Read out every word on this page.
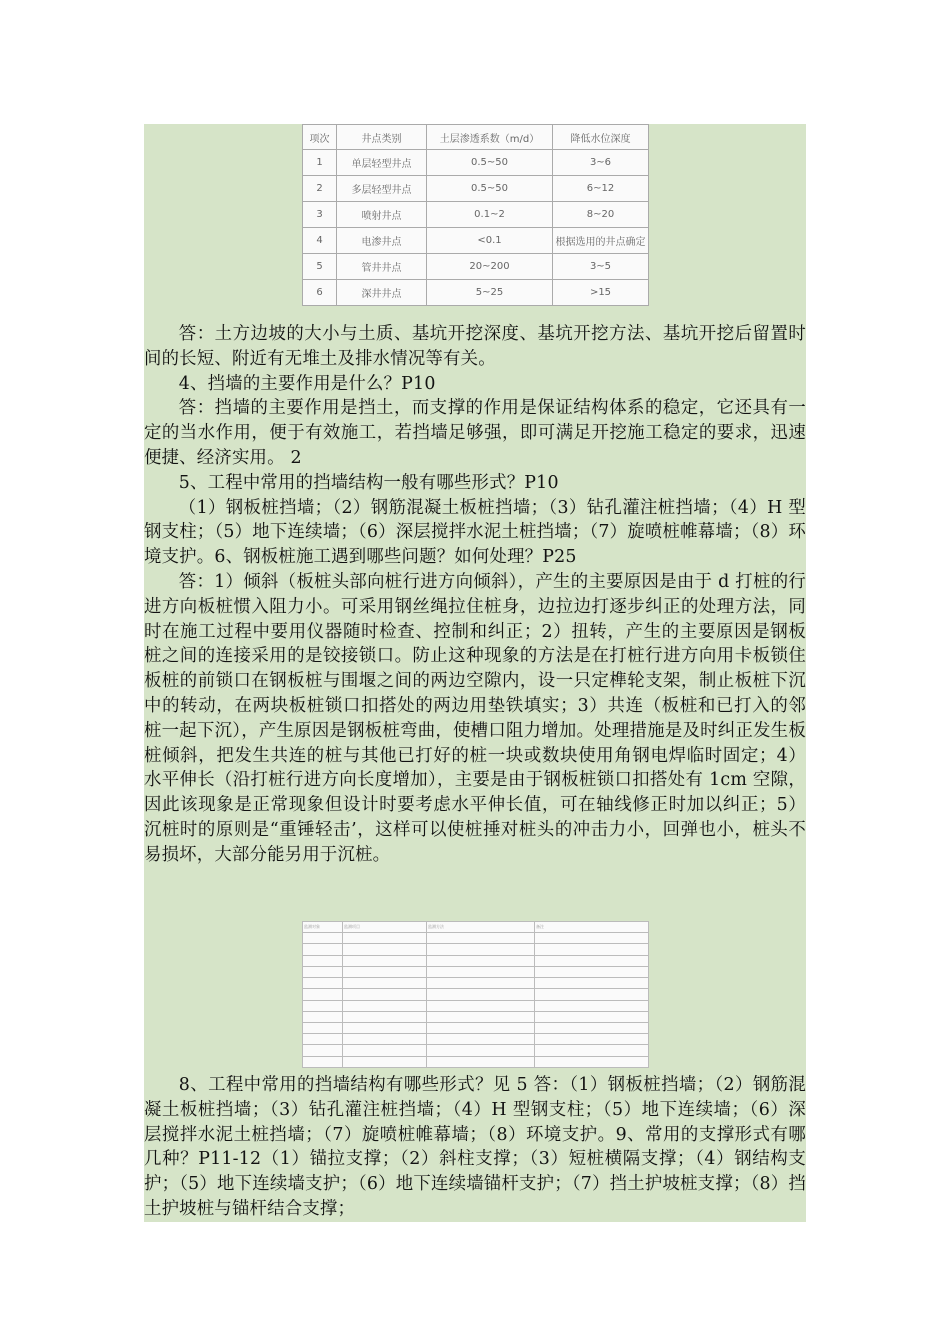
项次	井点类别	土层渗透系数（m/d）	降低水位深度
1	单层轻型井点	0.5~50	3~6
2	多层轻型井点	0.5~50	6~12
3	喷射井点	0.1~2	8~20
4	电渗井点	<0.1	根据选用的井点确定
5	管井井点	20~200	3~5
6	深井井点	5~25	>15

答：土方边坡的大小与土质、基坑开挖深度、基坑开挖方法、基坑开挖后留置时间的长短、附近有无堆土及排水情况等有关。

4、挡墙的主要作用是什么？P10

答：挡墙的主要作用是挡土，而支撑的作用是保证结构体系的稳定，它还具有一定的当水作用，便于有效施工，若挡墙足够强，即可满足开挖施工稳定的要求，迅速便捷、经济实用。 2

5、工程中常用的挡墙结构一般有哪些形式？P10

（1）钢板桩挡墙；（2）钢筋混凝土板桩挡墙；（3）钻孔灌注桩挡墙；（4）H 型钢支柱；（5）地下连续墙；（6）深层搅拌水泥土桩挡墙；（7）旋喷桩帷幕墙；（8）环境支护。6、钢板桩施工遇到哪些问题？如何处理？P25

答：1）倾斜（板桩头部向桩行进方向倾斜），产生的主要原因是由于 d 打桩的行进方向板桩惯入阻力小。可采用钢丝绳拉住桩身，边拉边打逐步纠正的处理方法，同时在施工过程中要用仪器随时检查、控制和纠正；2）扭转，产生的主要原因是钢板桩之间的连接采用的是铰接锁口。防止这种现象的方法是在打桩行进方向用卡板锁住板桩的前锁口在钢板桩与围堰之间的两边空隙内，设一只定榫轮支架，制止板桩下沉中的转动，在两块板桩锁口扣搭处的两边用垫铁填实；3）共连（板桩和已打入的邻桩一起下沉），产生原因是钢板桩弯曲，使槽口阻力增加。处理措施是及时纠正发生板桩倾斜，把发生共连的桩与其他已打好的桩一块或数块使用角钢电焊临时固定；4）水平伸长（沿打桩行进方向长度增加），主要是由于钢板桩锁口扣搭处有 1cm 空隙，因此该现象是正常现象但设计时要考虑水平伸长值，可在轴线修正时加以纠正；5）沉桩时的原则是“重锤轻击’，这样可以使桩捶对桩头的冲击力小，回弹也小，桩头不易损坏，大部分能另用于沉桩。

监测对象	监测项目	监测方法	备注

8、工程中常用的挡墙结构有哪些形式？见 5 答：（1）钢板桩挡墙；（2）钢筋混凝土板桩挡墙；（3）钻孔灌注桩挡墙；（4）H 型钢支柱；（5）地下连续墙；（6）深层搅拌水泥土桩挡墙；（7）旋喷桩帷幕墙；（8）环境支护。9、常用的支撑形式有哪几种？P11-12（1）锚拉支撑；（2）斜柱支撑；（3）短桩横隔支撑；（4）钢结构支护；（5）地下连续墙支护；（6）地下连续墙锚杆支护；（7）挡土护坡桩支撑；（8）挡土护坡桩与锚杆结合支撑；
